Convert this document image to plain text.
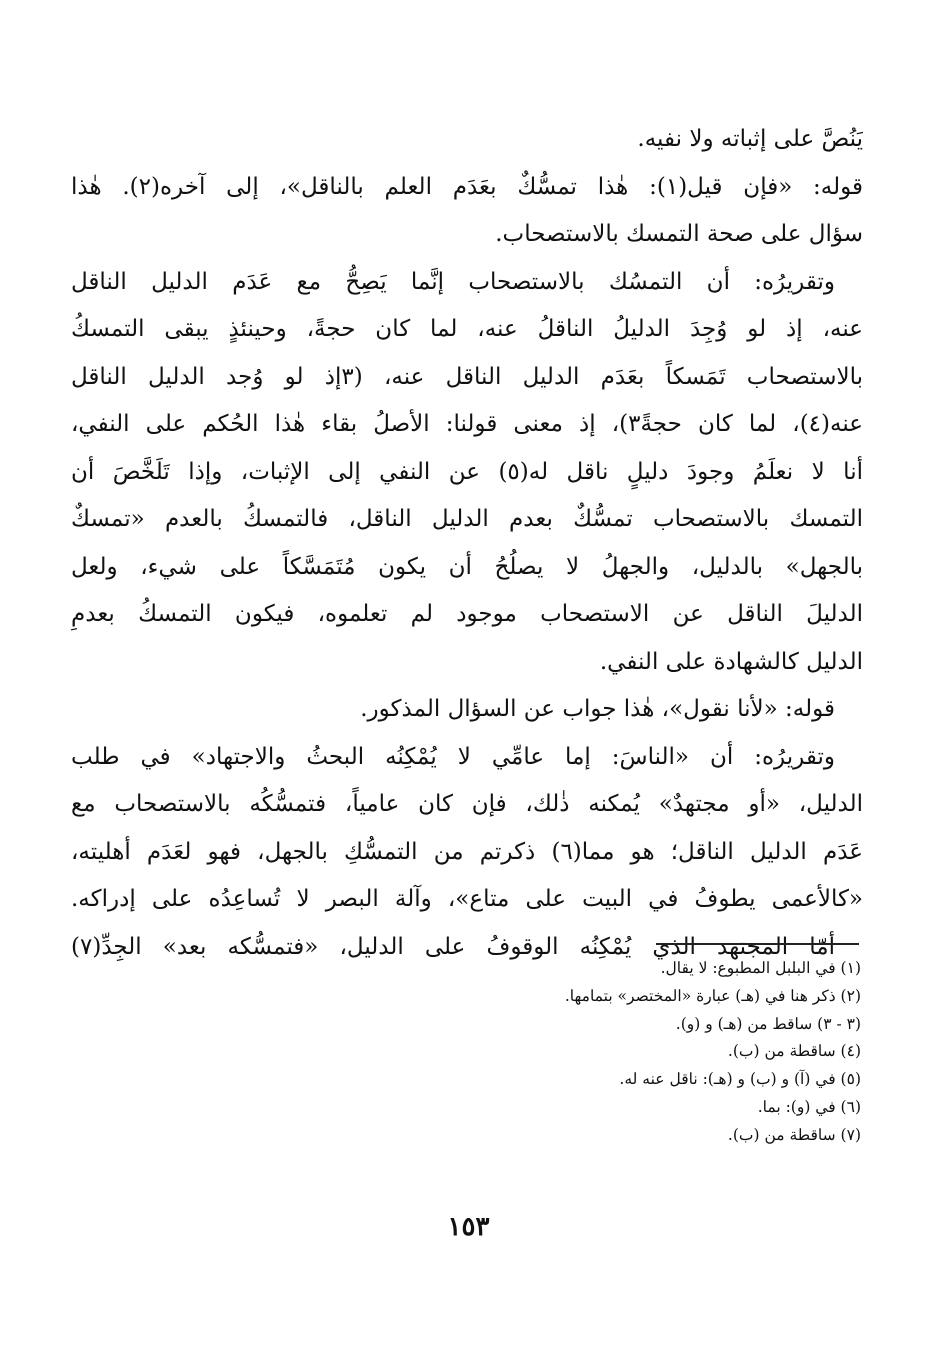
يَنُصَّ على إثباته ولا نفيه.
قوله: «فإن قيل(١): هٰذا تمسُّكٌ بعَدَم العلم بالناقل»، إلى آخره(٢). هٰذا
سؤال على صحة التمسك بالاستصحاب.
وتقريرُه: أن التمسُك بالاستصحاب إنَّما يَصِحُّ مع عَدَم الدليل الناقل
عنه، إذ لو وُجِدَ الدليلُ الناقلُ عنه، لما كان حجةً، وحينئذٍ يبقى التمسكُ
بالاستصحاب تَمَسكاً بعَدَم الدليل الناقل عنه، (٣إذ لو وُجد الدليل الناقل
عنه(٤)، لما كان حجةً٣)، إذ معنى قولنا: الأصلُ بقاء هٰذا الحُكم على النفي،
أنا لا نعلَمُ وجودَ دليلٍ ناقل له(٥) عن النفي إلى الإثبات، وإذا تَلَخَّصَ أن
التمسك بالاستصحاب تمسُّكٌ بعدم الدليل الناقل، فالتمسكُ بالعدم «تمسكٌ
بالجهل» بالدليل، والجهلُ لا يصلُحُ أن يكون مُتَمَسَّكاً على شيء، ولعل
الدليلَ الناقل عن الاستصحاب موجود لم تعلموه، فيكون التمسكُ بعدمِ
الدليل كالشهادة على النفي.
قوله: «لأنا نقول»، هٰذا جواب عن السؤال المذكور.
وتقريرُه: أن «الناسَ: إما عامِّي لا يُمْكِنُه البحثُ والاجتهاد» في طلب
الدليل، «أو مجتهدٌ» يُمكنه ذٰلك، فإن كان عامياً، فتمسُّكُه بالاستصحاب مع
عَدَم الدليل الناقل؛ هو مما(٦) ذكرتم من التمسُّكِ بالجهل، فهو لعَدَم أهليته،
«كالأعمى يطوفُ في البيت على متاع»، وآلة البصر لا تُساعِدُه على إدراكه.
أمّا المجتهد الذي يُمْكِنُه الوقوفُ على الدليل، «فتمسُّكه بعد» الجِدِّ(٧)
(١) في البلبل المطبوع: لا يقال.
(٢) ذكر هنا في (هـ) عبارة «المختصر» بتمامها.
(٣ - ٣) ساقط من (هـ) و (و).
(٤) ساقطة من (ب).
(٥) في (آ) و (ب) و (هـ): ناقل عنه له.
(٦) في (و): بما.
(٧) ساقطة من (ب).
١٥٣
